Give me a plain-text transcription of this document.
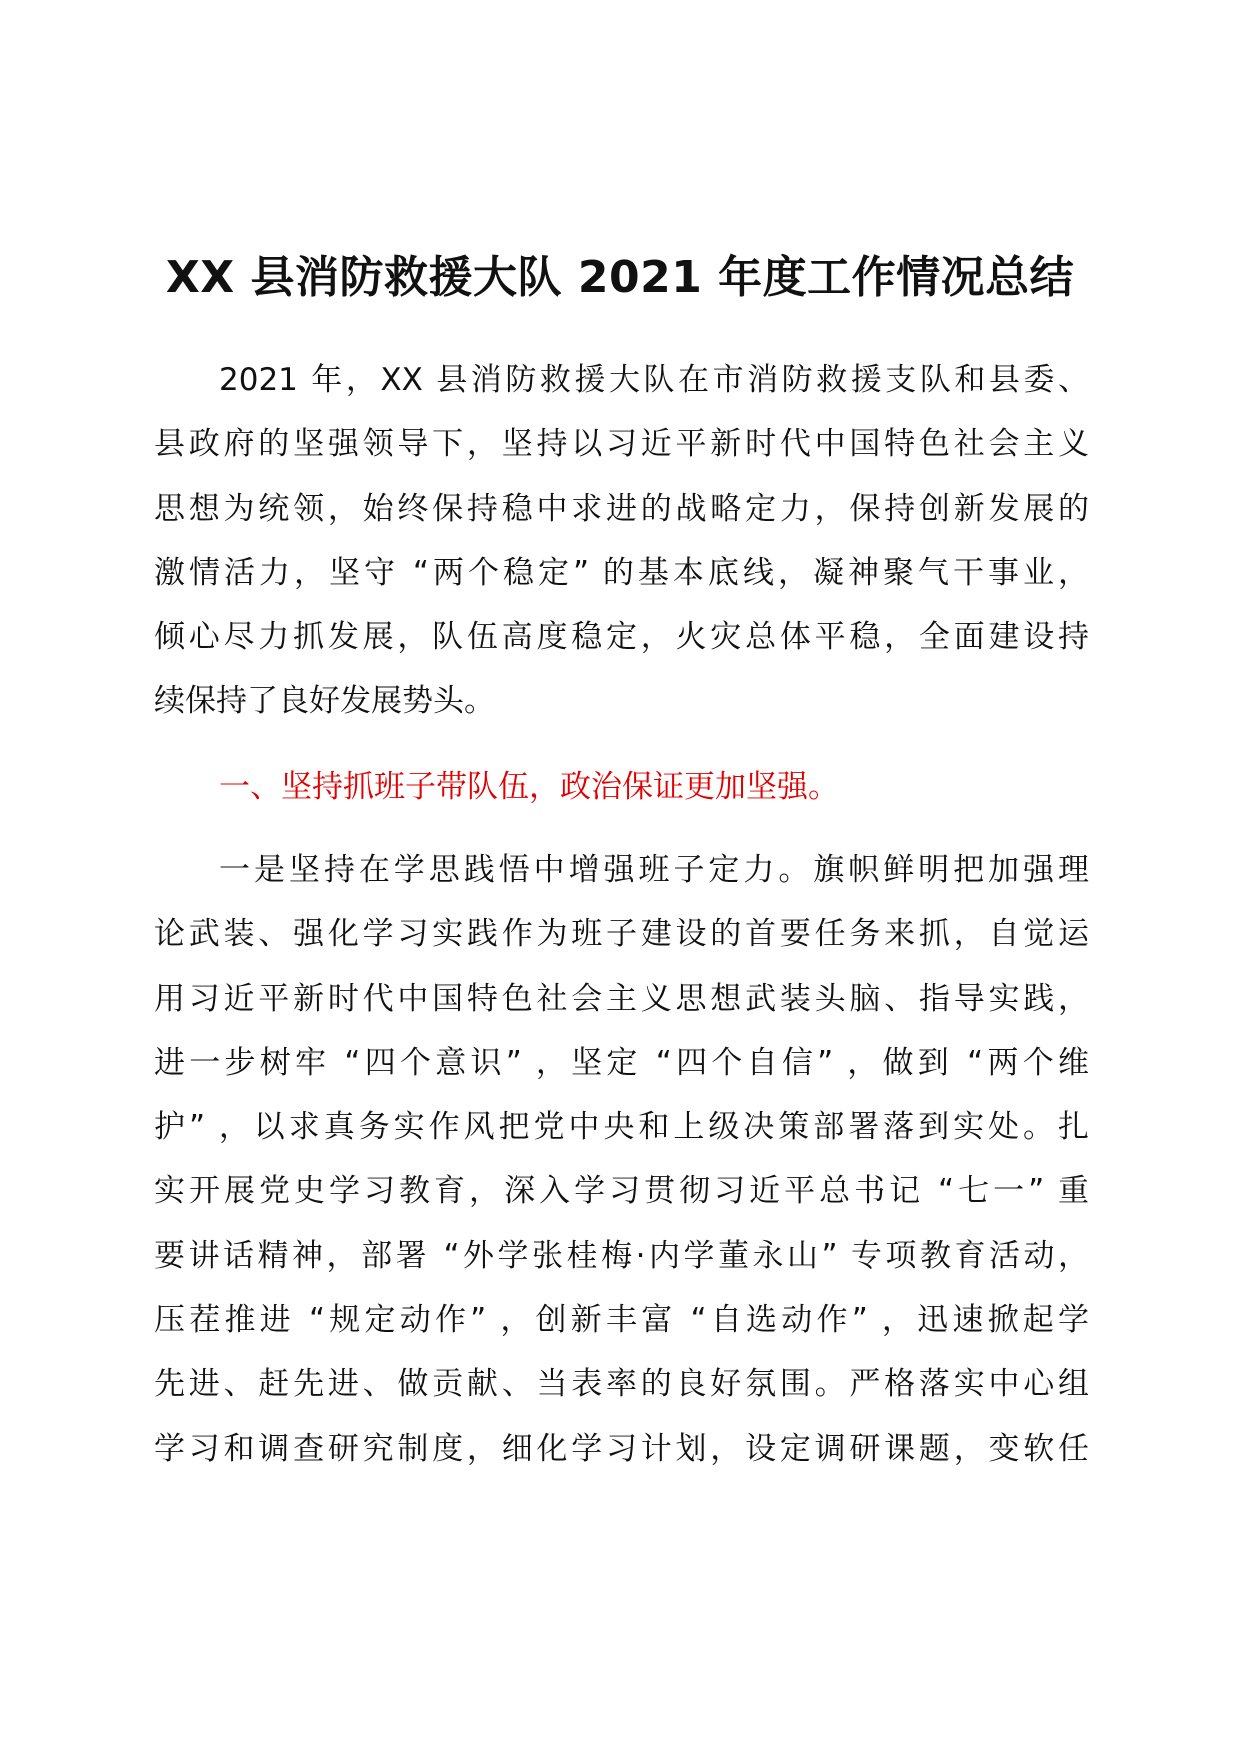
XX 县消防救援大队 2021 年度工作情况总结
2021 年，XX 县消防救援大队在市消防救援支队和县委、
县政府的坚强领导下，坚持以习近平新时代中国特色社会主义
思想为统领，始终保持稳中求进的战略定力，保持创新发展的
激情活力，坚守 “两个稳定” 的基本底线，凝神聚气干事业，
倾心尽力抓发展，队伍高度稳定，火灾总体平稳，全面建设持
续保持了良好发展势头。
一、坚持抓班子带队伍，政治保证更加坚强。
一是坚持在学思践悟中增强班子定力。旗帜鲜明把加强理
论武装、强化学习实践作为班子建设的首要任务来抓，自觉运
用习近平新时代中国特色社会主义思想武装头脑、指导实践，
进一步树牢 “四个意识” ，坚定 “四个自信” ，做到 “两个维
护” ，以求真务实作风把党中央和上级决策部署落到实处。扎
实开展党史学习教育，深入学习贯彻习近平总书记 “七一” 重
要讲话精神，部署 “外学张桂梅·内学董永山” 专项教育活动，
压茬推进 “规定动作” ，创新丰富 “自选动作” ，迅速掀起学
先进、赶先进、做贡献、当表率的良好氛围。严格落实中心组
学习和调查研究制度，细化学习计划，设定调研课题，变软任
